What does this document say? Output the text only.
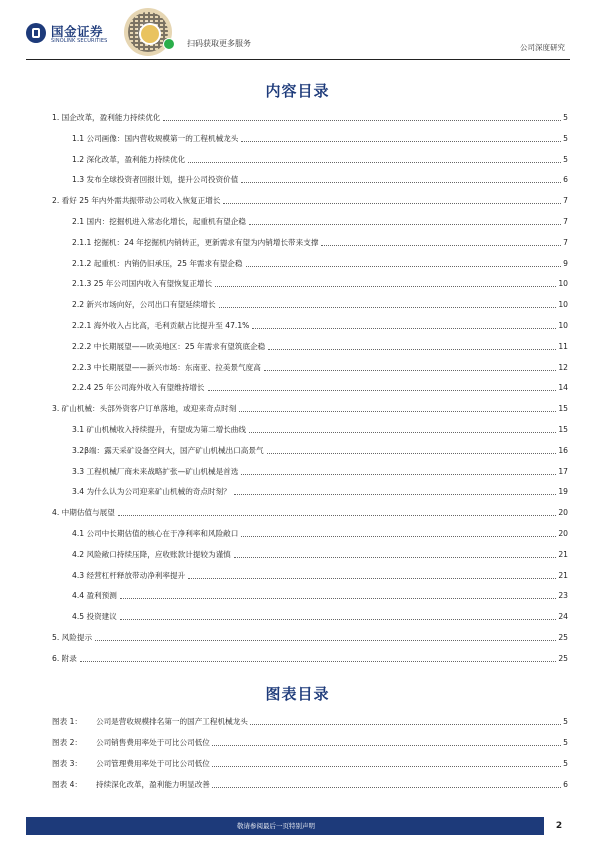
国金证券
SINOLINK SECURITIES	扫码获取更多服务	公司深度研究
内容目录
1. 国企改革，盈利能力持续优化	5
1.1 公司画像：国内营收规模第一的工程机械龙头	5
1.2 深化改革，盈利能力持续优化	5
1.3 发布全球投资者回报计划，提升公司投资价值	6
2. 看好 25 年内外需共振带动公司收入恢复正增长	7
2.1 国内：挖掘机进入常态化增长，起重机有望企稳	7
2.1.1 挖掘机：24 年挖掘机内销转正，更新需求有望为内销增长带来支撑	7
2.1.2 起重机：内销仍旧承压，25 年需求有望企稳	9
2.1.3 25 年公司国内收入有望恢复正增长	10
2.2 新兴市场向好，公司出口有望延续增长	10
2.2.1 海外收入占比高，毛利贡献占比提升至 47.1%	10
2.2.2 中长期展望——欧美地区：25 年需求有望筑底企稳	11
2.2.3 中长期展望——新兴市场：东南亚、拉美景气度高	12
2.2.4 25 年公司海外收入有望维持增长	14
3. 矿山机械：头部外资客户订单落地，或迎来奇点时刻	15
3.1 矿山机械收入持续提升，有望成为第二增长曲线	15
3.2β端：露天采矿设备空间大，国产矿山机械出口高景气	16
3.3 工程机械厂商未来战略扩张—矿山机械是首选	17
3.4 为什么认为公司迎来矿山机械的奇点时刻？	19
4. 中期估值与展望	20
4.1 公司中长期估值的核心在于净利率和风险敞口	20
4.2 风险敞口持续压降，应收账款计提较为谨慎	21
4.3 经营杠杆释放带动净利率提升	21
4.4 盈利预测	23
4.5 投资建议	24
5. 风险提示	25
6. 附录	25
图表目录
图表 1：	公司是营收规模排名第一的国产工程机械龙头	5
图表 2：	公司销售费用率处于可比公司低位	5
图表 3：	公司管理费用率处于可比公司低位	5
图表 4：	持续深化改革，盈利能力明显改善	6
敬请参阅最后一页特别声明	2
